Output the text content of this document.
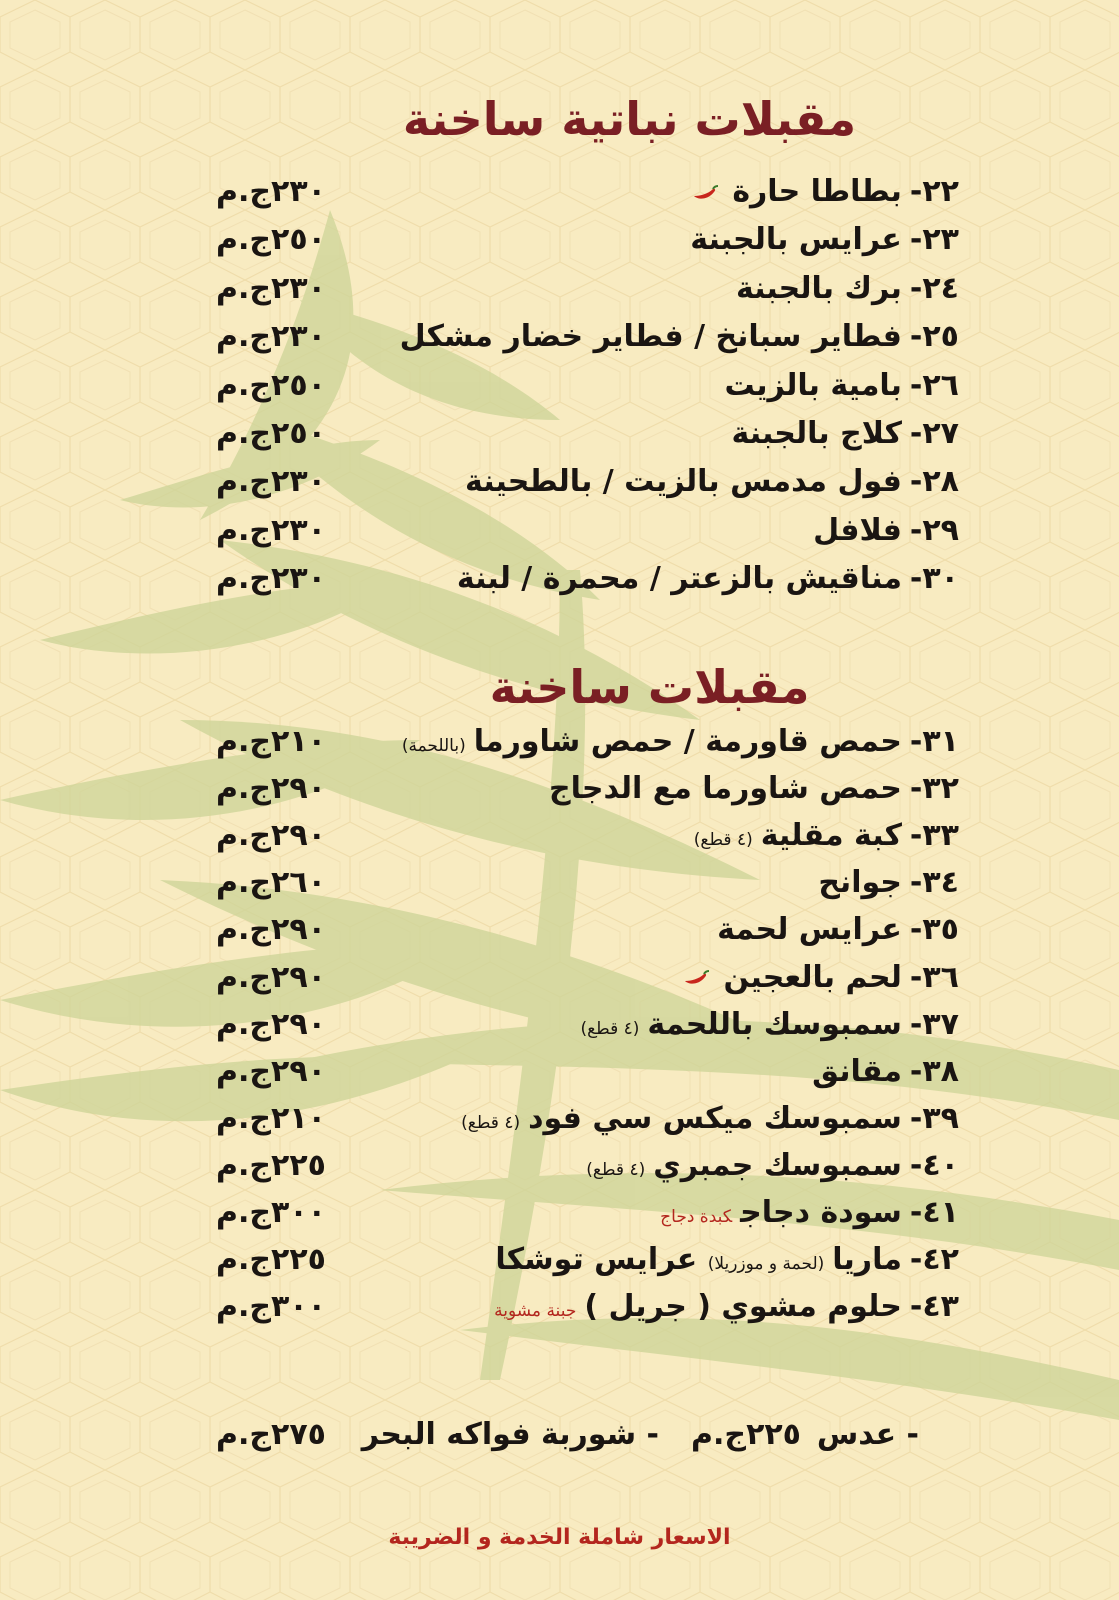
مقبلات نباتية ساخنة
٢٢-بطاطا حارة
٢٣٠ج.م
٢٣-عرايس بالجبنة
٢٥٠ج.م
٢٤-برك بالجبنة
٢٣٠ج.م
٢٥-فطاير سبانخ / فطاير خضار مشكل
٢٣٠ج.م
٢٦-بامية بالزيت
٢٥٠ج.م
٢٧-كلاج بالجبنة
٢٥٠ج.م
٢٨-فول مدمس بالزيت / بالطحينة
٢٣٠ج.م
٢٩-فلافل
٢٣٠ج.م
٣٠-مناقيش بالزعتر / محمرة / لبنة
٢٣٠ج.م
مقبلات ساخنة
٣١-حمص قاورمة / حمص شاورما(باللحمة)
٢١٠ج.م
٣٢-حمص شاورما مع الدجاج
٢٩٠ج.م
٣٣-كبة مقلية(٤ قطع)
٢٩٠ج.م
٣٤-جوانح
٢٦٠ج.م
٣٥-عرايس لحمة
٢٩٠ج.م
٣٦-لحم بالعجين
٢٩٠ج.م
٣٧-سمبوسك باللحمة(٤ قطع)
٢٩٠ج.م
٣٨-مقانق
٢٩٠ج.م
٣٩-سمبوسك ميكس سي فود(٤ قطع)
٢١٠ج.م
٤٠-سمبوسك جمبري(٤ قطع)
٢٢٥ج.م
٤١-سودة دجاجكبدة دجاج
٣٠٠ج.م
٤٢-ماريا(لحمة و موزريلا) عرايس توشكا
٢٢٥ج.م
٤٣-حلوم مشوي ( جريل )جبنة مشوية
٣٠٠ج.م
- عدس
٢٢٥ج.م
- شوربة فواكه البحر
٢٧٥ج.م
الاسعار شاملة الخدمة و الضريبة
